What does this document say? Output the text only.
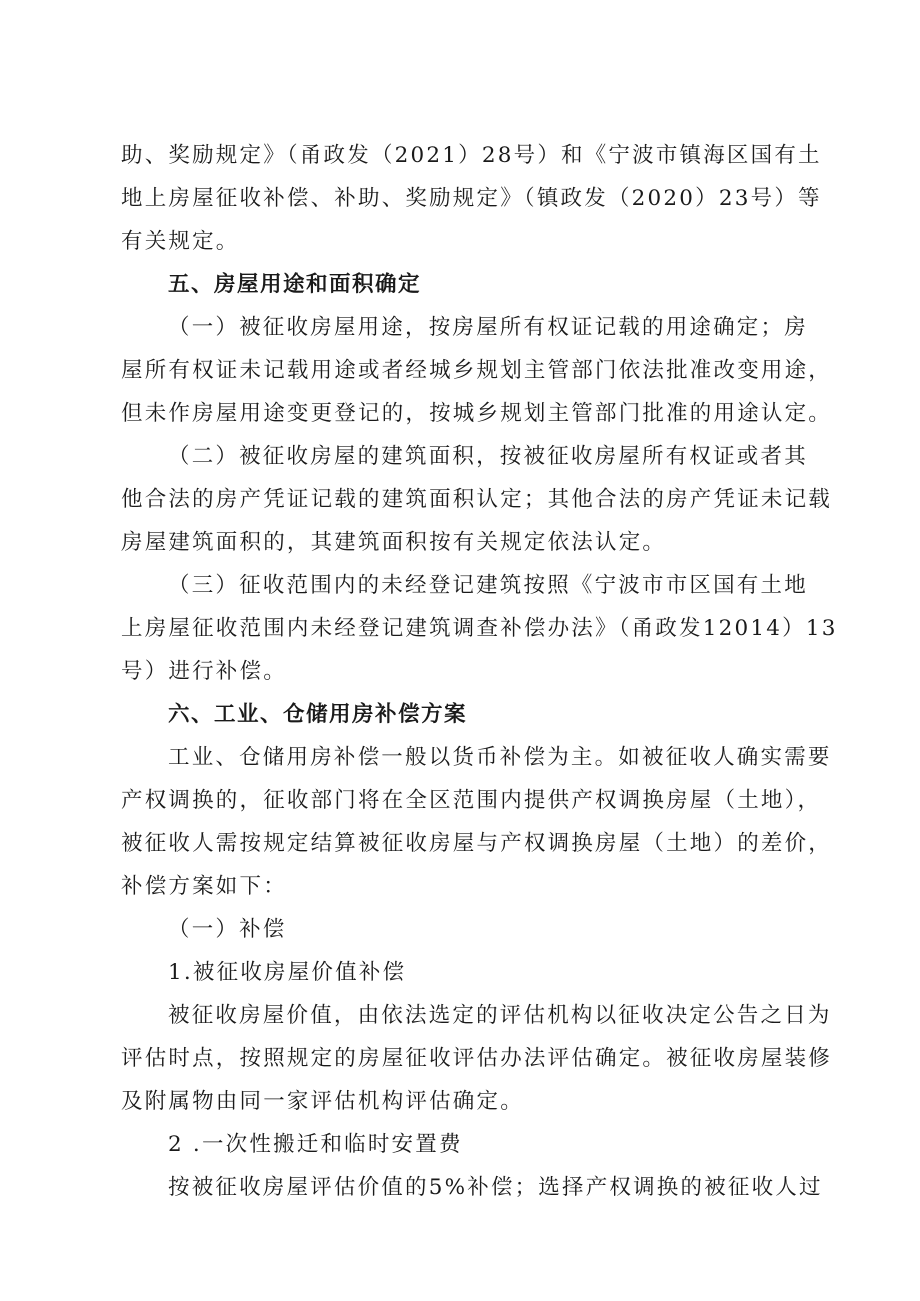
助、奖励规定》（甬政发（2021）28号）和《宁波市镇海区国有土
地上房屋征收补偿、补助、奖励规定》（镇政发（2020）23号）等
有关规定。
五、房屋用途和面积确定
（一）被征收房屋用途，按房屋所有权证记载的用途确定；房
屋所有权证未记载用途或者经城乡规划主管部门依法批准改变用途，
但未作房屋用途变更登记的，按城乡规划主管部门批准的用途认定。
（二）被征收房屋的建筑面积，按被征收房屋所有权证或者其
他合法的房产凭证记载的建筑面积认定；其他合法的房产凭证未记载
房屋建筑面积的，其建筑面积按有关规定依法认定。
（三）征收范围内的未经登记建筑按照《宁波市市区国有土地
上房屋征收范围内未经登记建筑调查补偿办法》（甬政发12014）13
号）进行补偿。
六、工业、仓储用房补偿方案
工业、仓储用房补偿一般以货币补偿为主。如被征收人确实需要
产权调换的，征收部门将在全区范围内提供产权调换房屋（土地），
被征收人需按规定结算被征收房屋与产权调换房屋（土地）的差价，
补偿方案如下：
（一）补偿
1.被征收房屋价值补偿
被征收房屋价值，由依法选定的评估机构以征收决定公告之日为
评估时点，按照规定的房屋征收评估办法评估确定。被征收房屋装修
及附属物由同一家评估机构评估确定。
2 .一次性搬迁和临时安置费
按被征收房屋评估价值的5%补偿；选择产权调换的被征收人过
